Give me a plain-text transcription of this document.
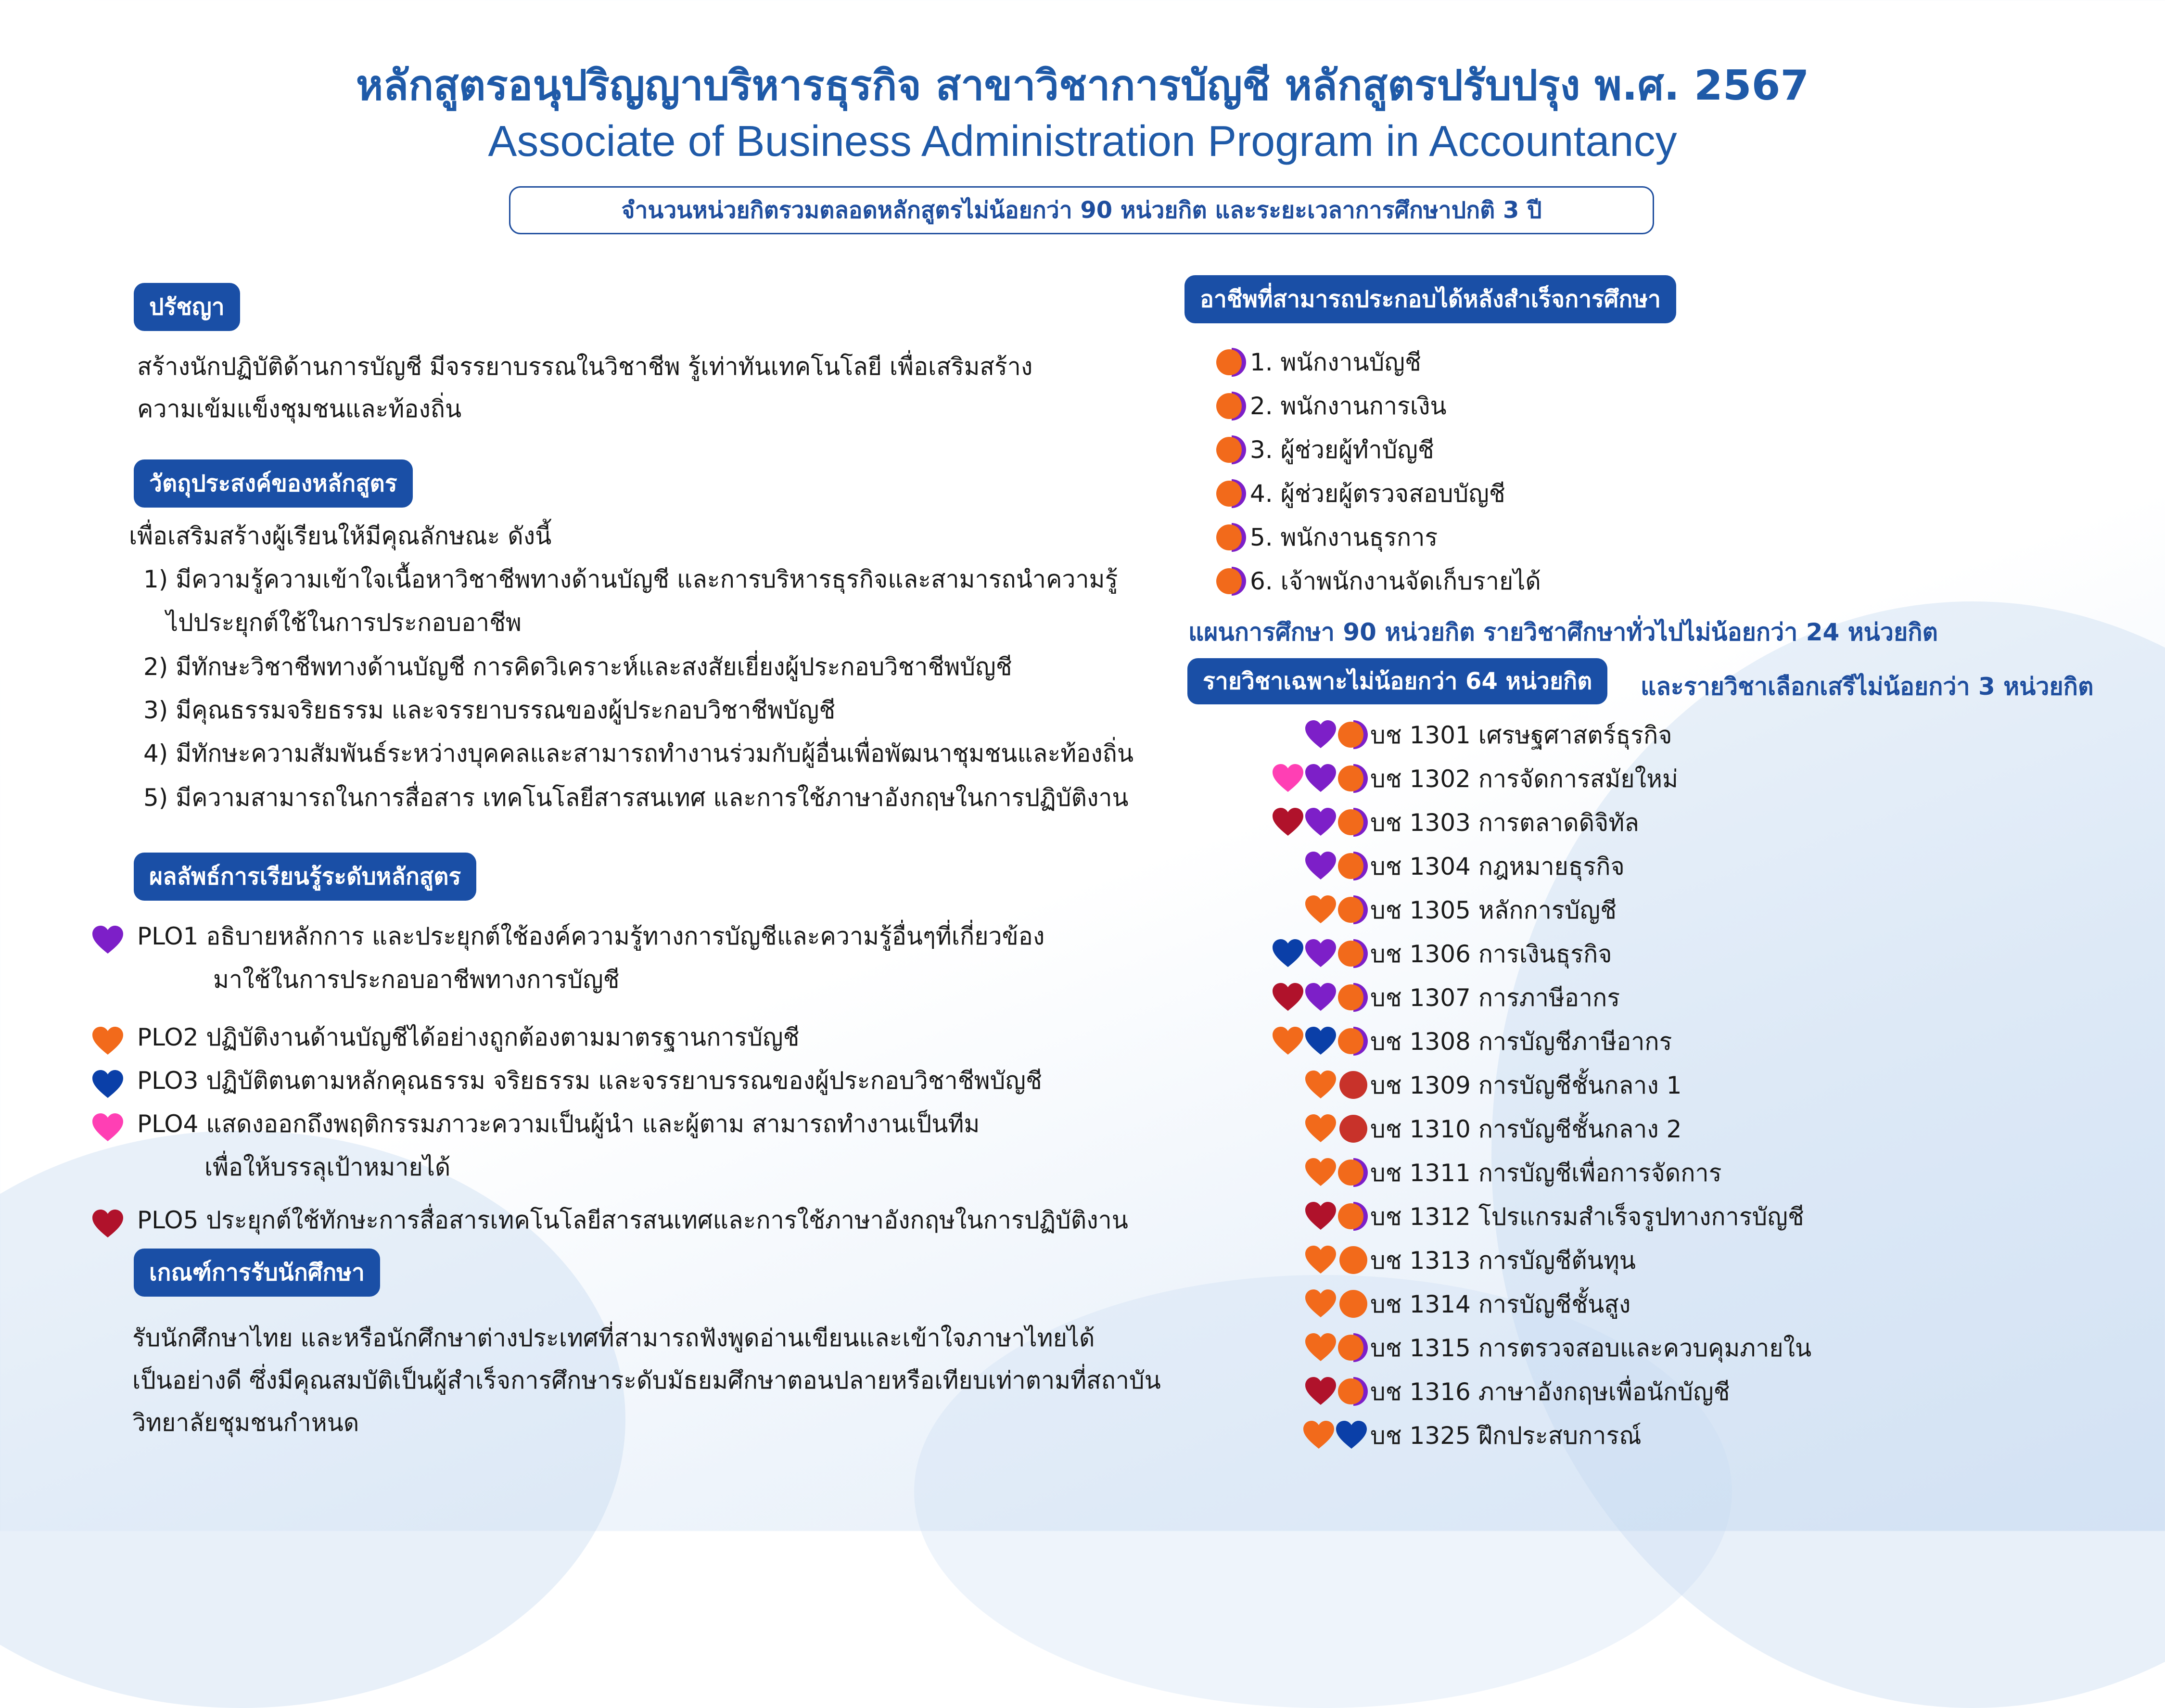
หลักสูตรอนุปริญญาบริหารธุรกิจ สาขาวิชาการบัญชี หลักสูตรปรับปรุง พ.ศ. 2567
Associate of Business Administration Program in Accountancy
จำนวนหน่วยกิตรวมตลอดหลักสูตรไม่น้อยกว่า 90 หน่วยกิต และระยะเวลาการศึกษาปกติ 3 ปี
ปรัชญา
สร้างนักปฏิบัติด้านการบัญชี มีจรรยาบรรณในวิชาชีพ รู้เท่าทันเทคโนโลยี เพื่อเสริมสร้าง
ความเข้มแข็งชุมชนและท้องถิ่น
วัตถุประสงค์ของหลักสูตร
เพื่อเสริมสร้างผู้เรียนให้มีคุณลักษณะ ดังนี้
1) มีความรู้ความเข้าใจเนื้อหาวิชาชีพทางด้านบัญชี และการบริหารธุรกิจและสามารถนำความรู้
ไปประยุกต์ใช้ในการประกอบอาชีพ
2) มีทักษะวิชาชีพทางด้านบัญชี การคิดวิเคราะห์และสงสัยเยี่ยงผู้ประกอบวิชาชีพบัญชี
3) มีคุณธรรมจริยธรรม และจรรยาบรรณของผู้ประกอบวิชาชีพบัญชี
4) มีทักษะความสัมพันธ์ระหว่างบุคคลและสามารถทำงานร่วมกับผู้อื่นเพื่อพัฒนาชุมชนและท้องถิ่น
5) มีความสามารถในการสื่อสาร เทคโนโลยีสารสนเทศ และการใช้ภาษาอังกฤษในการปฏิบัติงาน
ผลลัพธ์การเรียนรู้ระดับหลักสูตร
PLO1 อธิบายหลักการ และประยุกต์ใช้องค์ความรู้ทางการบัญชีและความรู้อื่นๆที่เกี่ยวข้อง
มาใช้ในการประกอบอาชีพทางการบัญชี
PLO2 ปฏิบัติงานด้านบัญชีได้อย่างถูกต้องตามมาตรฐานการบัญชี
PLO3 ปฏิบัติตนตามหลักคุณธรรม จริยธรรม และจรรยาบรรณของผู้ประกอบวิชาชีพบัญชี
PLO4 แสดงออกถึงพฤติกรรมภาวะความเป็นผู้นำ และผู้ตาม สามารถทำงานเป็นทีม
เพื่อให้บรรลุเป้าหมายได้
PLO5 ประยุกต์ใช้ทักษะการสื่อสารเทคโนโลยีสารสนเทศและการใช้ภาษาอังกฤษในการปฏิบัติงาน
เกณฑ์การรับนักศึกษา
รับนักศึกษาไทย และหรือนักศึกษาต่างประเทศที่สามารถฟังพูดอ่านเขียนและเข้าใจภาษาไทยได้
เป็นอย่างดี ซึ่งมีคุณสมบัติเป็นผู้สำเร็จการศึกษาระดับมัธยมศึกษาตอนปลายหรือเทียบเท่าตามที่สถาบัน
วิทยาลัยชุมชนกำหนด
อาชีพที่สามารถประกอบได้หลังสำเร็จการศึกษา
1. พนักงานบัญชี
2. พนักงานการเงิน
3. ผู้ช่วยผู้ทำบัญชี
4. ผู้ช่วยผู้ตรวจสอบบัญชี
5. พนักงานธุรการ
6. เจ้าพนักงานจัดเก็บรายได้
แผนการศึกษา 90 หน่วยกิต รายวิชาศึกษาทั่วไปไม่น้อยกว่า 24 หน่วยกิต
รายวิชาเฉพาะไม่น้อยกว่า 64 หน่วยกิต	และรายวิชาเลือกเสรีไม่น้อยกว่า 3 หน่วยกิต
บช 1301 เศรษฐศาสตร์ธุรกิจ
บช 1302 การจัดการสมัยใหม่
บช 1303 การตลาดดิจิทัล
บช 1304 กฎหมายธุรกิจ
บช 1305 หลักการบัญชี
บช 1306 การเงินธุรกิจ
บช 1307 การภาษีอากร
บช 1308 การบัญชีภาษีอากร
บช 1309 การบัญชีชั้นกลาง 1
บช 1310 การบัญชีชั้นกลาง 2
บช 1311 การบัญชีเพื่อการจัดการ
บช 1312 โปรแกรมสำเร็จรูปทางการบัญชี
บช 1313 การบัญชีต้นทุน
บช 1314 การบัญชีชั้นสูง
บช 1315 การตรวจสอบและควบคุมภายใน
บช 1316 ภาษาอังกฤษเพื่อนักบัญชี
บช 1325 ฝึกประสบการณ์
